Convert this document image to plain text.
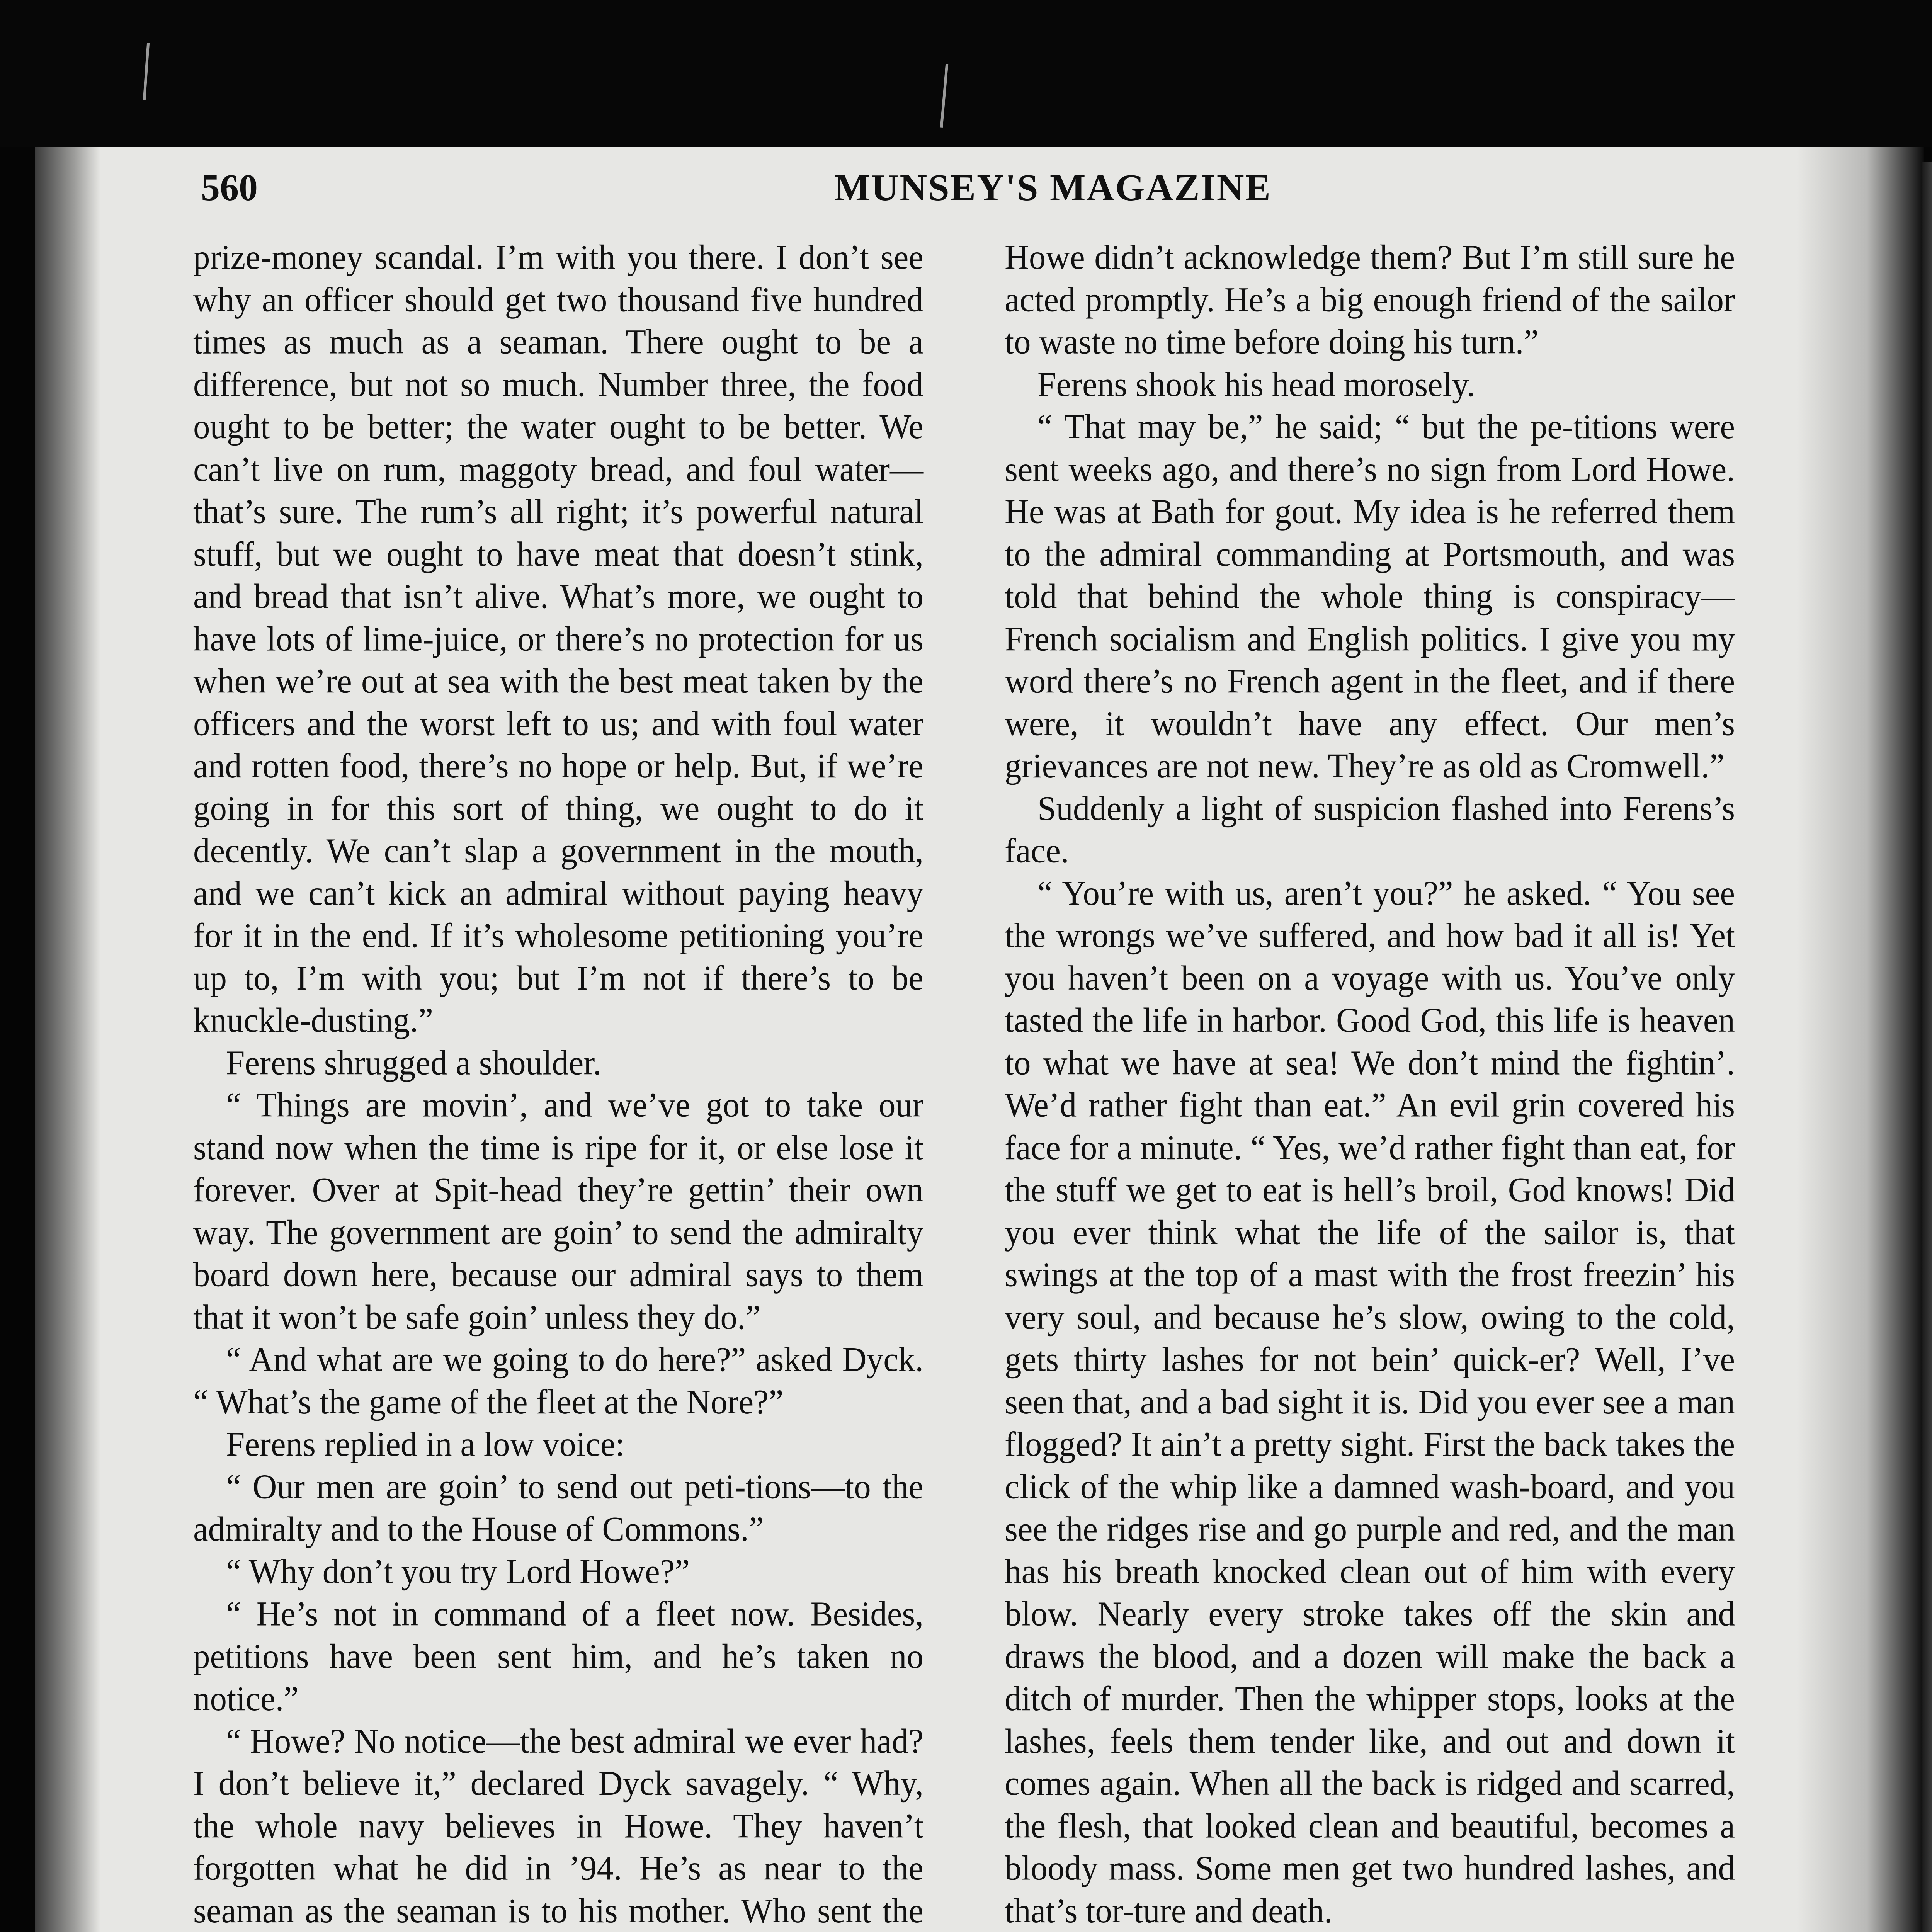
560	MUNSEY'S MAGAZINE

prize-money scandal. I’m with you there. I don’t see why an officer should get two thousand five hundred times as much as a seaman. There ought to be a difference, but not so much. Number three, the food ought to be better; the water ought to be better. We can’t live on rum, maggoty bread, and foul water—that’s sure. The rum’s all right; it’s powerful natural stuff, but we ought to have meat that doesn’t stink, and bread that isn’t alive. What’s more, we ought to have lots of lime-juice, or there’s no protection for us when we’re out at sea with the best meat taken by the officers and the worst left to us; and with foul water and rotten food, there’s no hope or help. But, if we’re going in for this sort of thing, we ought to do it decently. We can’t slap a government in the mouth, and we can’t kick an admiral without paying heavy for it in the end. If it’s wholesome petitioning you’re up to, I’m with you; but I’m not if there’s to be knuckle-dusting.”

Ferens shrugged a shoulder.

“ Things are movin’, and we’ve got to take our stand now when the time is ripe for it, or else lose it forever. Over at Spit-head they’re gettin’ their own way. The government are goin’ to send the admiralty board down here, because our admiral says to them that it won’t be safe goin’ unless they do.”

“ And what are we going to do here?” asked Dyck. “ What’s the game of the fleet at the Nore?”

Ferens replied in a low voice:

“ Our men are goin’ to send out peti-tions—to the admiralty and to the House of Commons.”

“ Why don’t you try Lord Howe?”

“ He’s not in command of a fleet now. Besides, petitions have been sent him, and he’s taken no notice.”

“ Howe? No notice—the best admiral we ever had? I don’t believe it,” declared Dyck savagely. “ Why, the whole navy believes in Howe. They haven’t forgotten what he did in ’94. He’s as near to the seaman as the seaman is to his mother. Who sent the

Howe didn’t acknowledge them? But I’m still sure he acted promptly. He’s a big enough friend of the sailor to waste no time before doing his turn.”

Ferens shook his head morosely.

“ That may be,” he said; “ but the pe-titions were sent weeks ago, and there’s no sign from Lord Howe. He was at Bath for gout. My idea is he referred them to the admiral commanding at Portsmouth, and was told that behind the whole thing is conspiracy—French socialism and English politics. I give you my word there’s no French agent in the fleet, and if there were, it wouldn’t have any effect. Our men’s grievances are not new. They’re as old as Cromwell.”

Suddenly a light of suspicion flashed into Ferens’s face.

“ You’re with us, aren’t you?” he asked. “ You see the wrongs we’ve suffered, and how bad it all is! Yet you haven’t been on a voyage with us. You’ve only tasted the life in harbor. Good God, this life is heaven to what we have at sea! We don’t mind the fightin’. We’d rather fight than eat.” An evil grin covered his face for a minute. “ Yes, we’d rather fight than eat, for the stuff we get to eat is hell’s broil, God knows! Did you ever think what the life of the sailor is, that swings at the top of a mast with the frost freezin’ his very soul, and because he’s slow, owing to the cold, gets thirty lashes for not bein’ quick-er? Well, I’ve seen that, and a bad sight it is. Did you ever see a man flogged? It ain’t a pretty sight. First the back takes the click of the whip like a damned wash-board, and you see the ridges rise and go purple and red, and the man has his breath knocked clean out of him with every blow. Nearly every stroke takes off the skin and draws the blood, and a dozen will make the back a ditch of murder. Then the whipper stops, looks at the lashes, feels them tender like, and out and down it comes again. When all the back is ridged and scarred, the flesh, that looked clean and beautiful, becomes a bloody mass. Some men get two hundred lashes, and that’s tor-ture and death.
